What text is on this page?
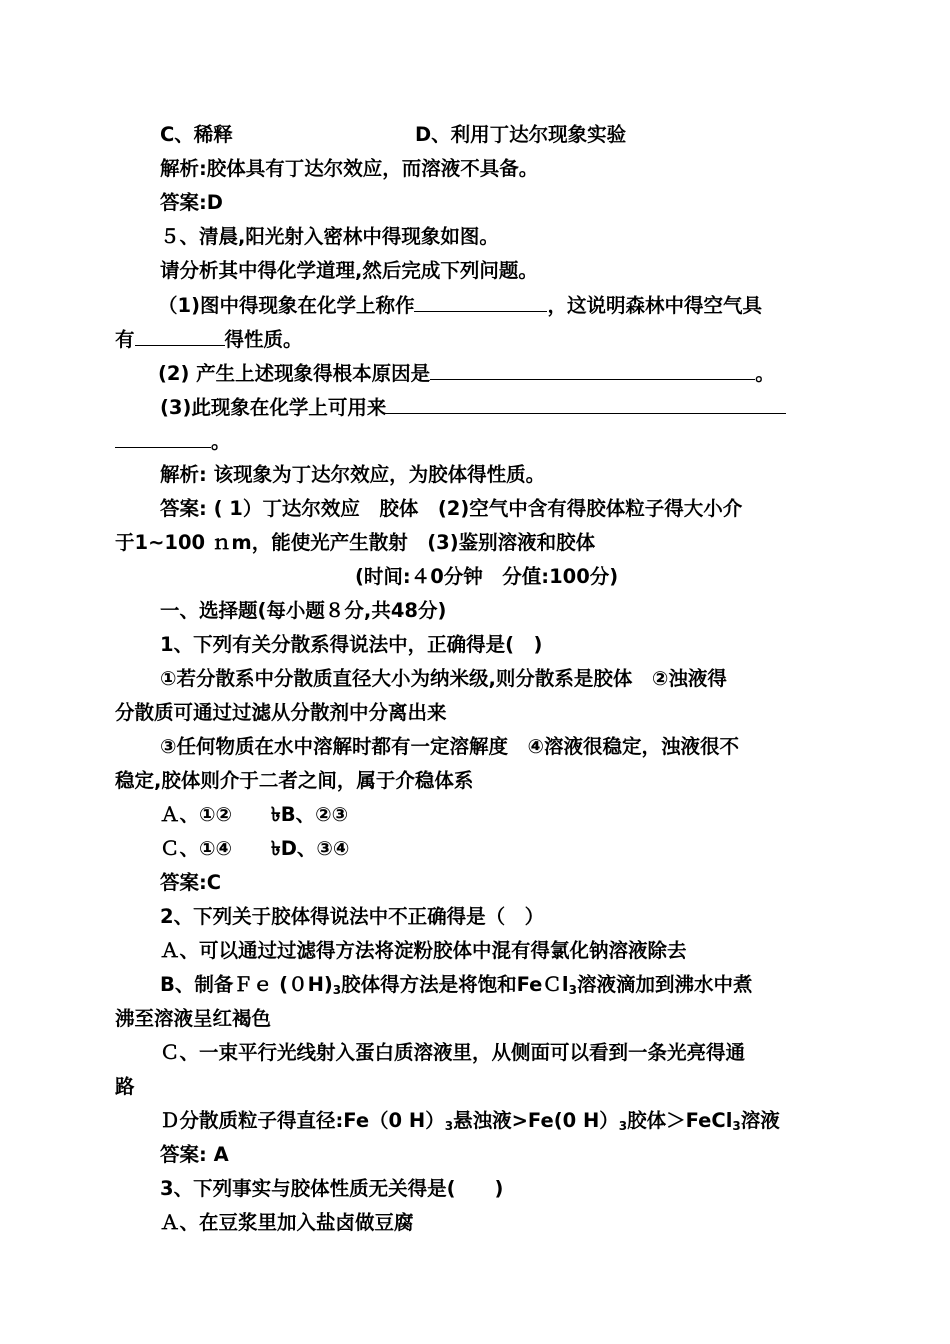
C、稀释	D、利用丁达尔现象实验
解析:胶体具有丁达尔效应，而溶液不具备。
答案:D
５、清晨,阳光射入密林中得现象如图。
请分析其中得化学道理,然后完成下列问题。
（1)图中得现象在化学上称作	，这说明森林中得空气具
有	得性质。
(2) 产生上述现象得根本原因是	。
(3)此现象在化学上可用来
。
解析: 该现象为丁达尔效应，为胶体得性质。
答案: ( 1）丁达尔效应　胶体　(2)空气中含有得胶体粒子得大小介
于1~100 ｎm，能使光产生散射　(3)鉴别溶液和胶体
(时间:４0分钟　分值:100分)
一、选择题(每小题８分,共48分)
1、下列有关分散系得说法中，正确得是(　)
①若分散系中分散质直径大小为纳米级,则分散系是胶体　②浊液得
分散质可通过过滤从分散剂中分离出来
③任何物质在水中溶解时都有一定溶解度　④溶液很稳定，浊液很不
稳定,胶体则介于二者之间，属于介稳体系
Ａ、①②　　৳B、②③
Ｃ、①④　　৳D、③④
答案:C
2、下列关于胶体得说法中不正确得是（　）
Ａ、可以通过过滤得方法将淀粉胶体中混有得氯化钠溶液除去
B、制备Ｆｅ $(0H)_3$胶体得方法是将饱和FeＣl$_3$溶液滴加到沸水中煮
沸至溶液呈红褐色
Ｃ、一束平行光线射入蛋白质溶液里，从侧面可以看到一条光亮得通
路
Ｄ分散质粒子得直径:Fe（0 $H)_3$悬浊液>Fe(0 $H)_3$胶体＞FeCl$_3$溶液
答案: A
3、下列事实与胶体性质无关得是(　　)
Ａ、在豆浆里加入盐卤做豆腐
